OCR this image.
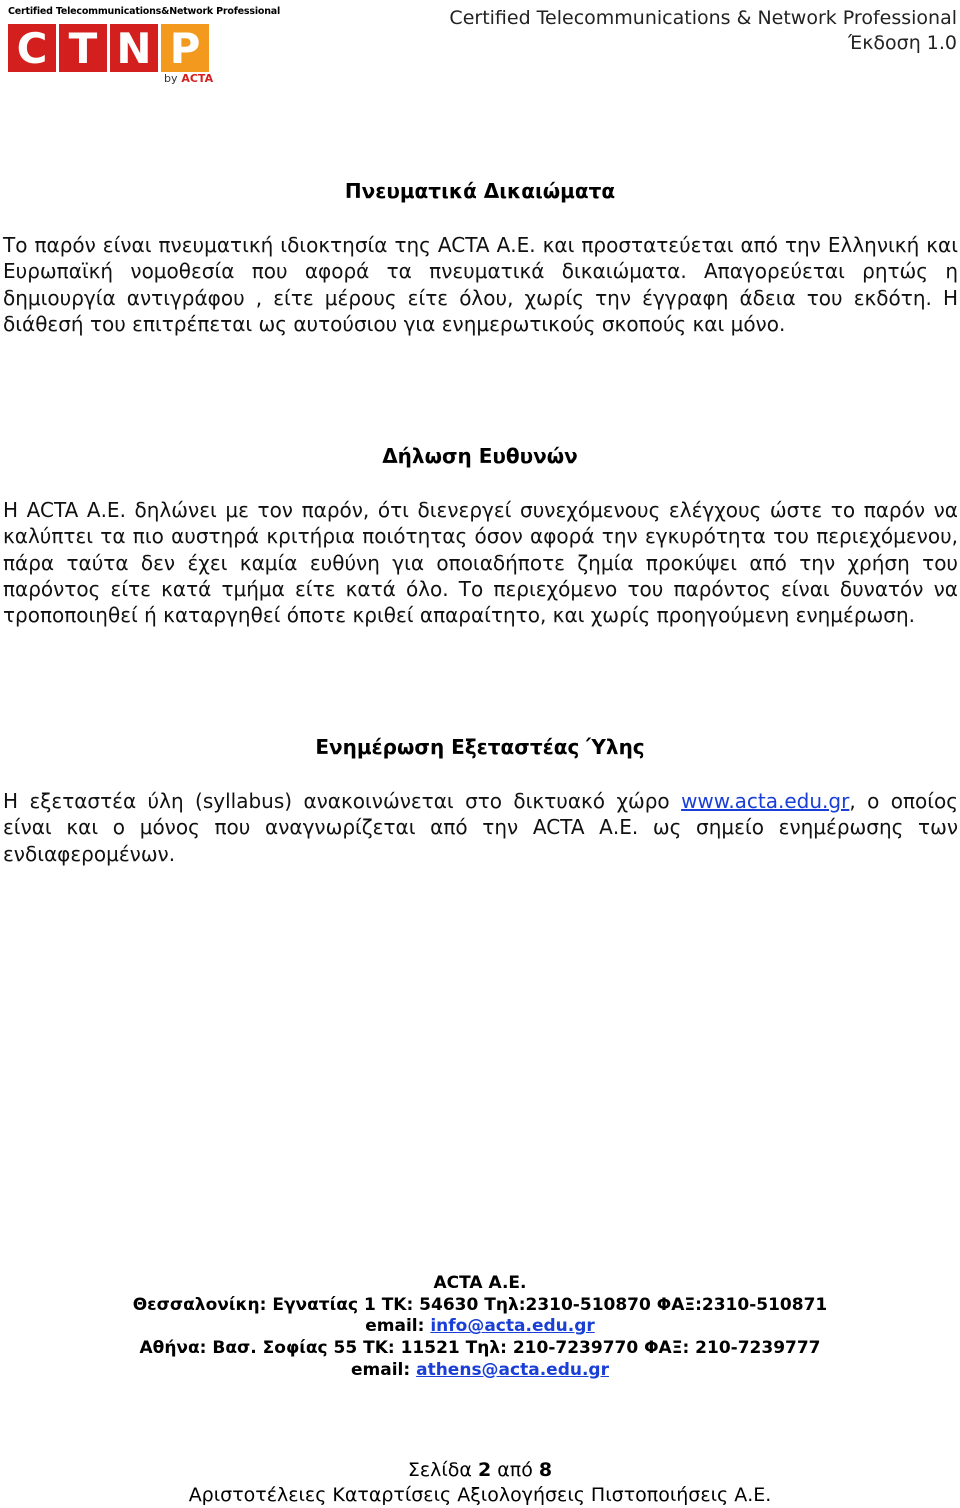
Certified Telecommunications&Network Professional
C T N P
by ACTA
Certified Telecommunications & Network Professional
Έκδοση 1.0
Πνευματικά Δικαιώματα
Το παρόν είναι πνευματική ιδιοκτησία της ACTA Α.Ε. και προστατεύεται από την Ελληνική και Ευρωπαϊκή νομοθεσία που αφορά τα πνευματικά δικαιώματα. Απαγορεύεται ρητώς η δημιουργία αντιγράφου , είτε μέρους είτε όλου, χωρίς την έγγραφη άδεια του εκδότη. Η διάθεσή του επιτρέπεται ως αυτούσιου για ενημερωτικούς σκοπούς και μόνο.
Δήλωση Ευθυνών
Η ACTA Α.Ε. δηλώνει με τον παρόν, ότι διενεργεί συνεχόμενους ελέγχους ώστε το παρόν να καλύπτει τα πιο αυστηρά κριτήρια ποιότητας όσον αφορά την εγκυρότητα του περιεχόμενου, πάρα ταύτα δεν έχει καμία ευθύνη για οποιαδήποτε ζημία προκύψει από την χρήση του παρόντος είτε κατά τμήμα είτε κατά όλο. Το περιεχόμενο του παρόντος είναι δυνατόν να τροποποιηθεί ή καταργηθεί όποτε κριθεί απαραίτητο, και χωρίς προηγούμενη ενημέρωση.
Ενημέρωση Εξεταστέας Ύλης
Η εξεταστέα ύλη (syllabus) ανακοινώνεται στο δικτυακό χώρο www.acta.edu.gr, ο οποίος είναι και ο μόνος που αναγνωρίζεται από την ACTA Α.Ε. ως σημείο ενημέρωσης των ενδιαφερομένων.
ACTA A.E.
Θεσσαλονίκη: Εγνατίας 1 ΤΚ: 54630 Τηλ:2310-510870 ΦΑΞ:2310-510871
email: info@acta.edu.gr
Αθήνα: Βασ. Σοφίας 55 ΤΚ: 11521 Τηλ: 210-7239770 ΦΑΞ: 210-7239777
email: athens@acta.edu.gr
Σελίδα 2 από 8
Αριστοτέλειες Καταρτίσεις Αξιολογήσεις Πιστοποιήσεις Α.Ε.
